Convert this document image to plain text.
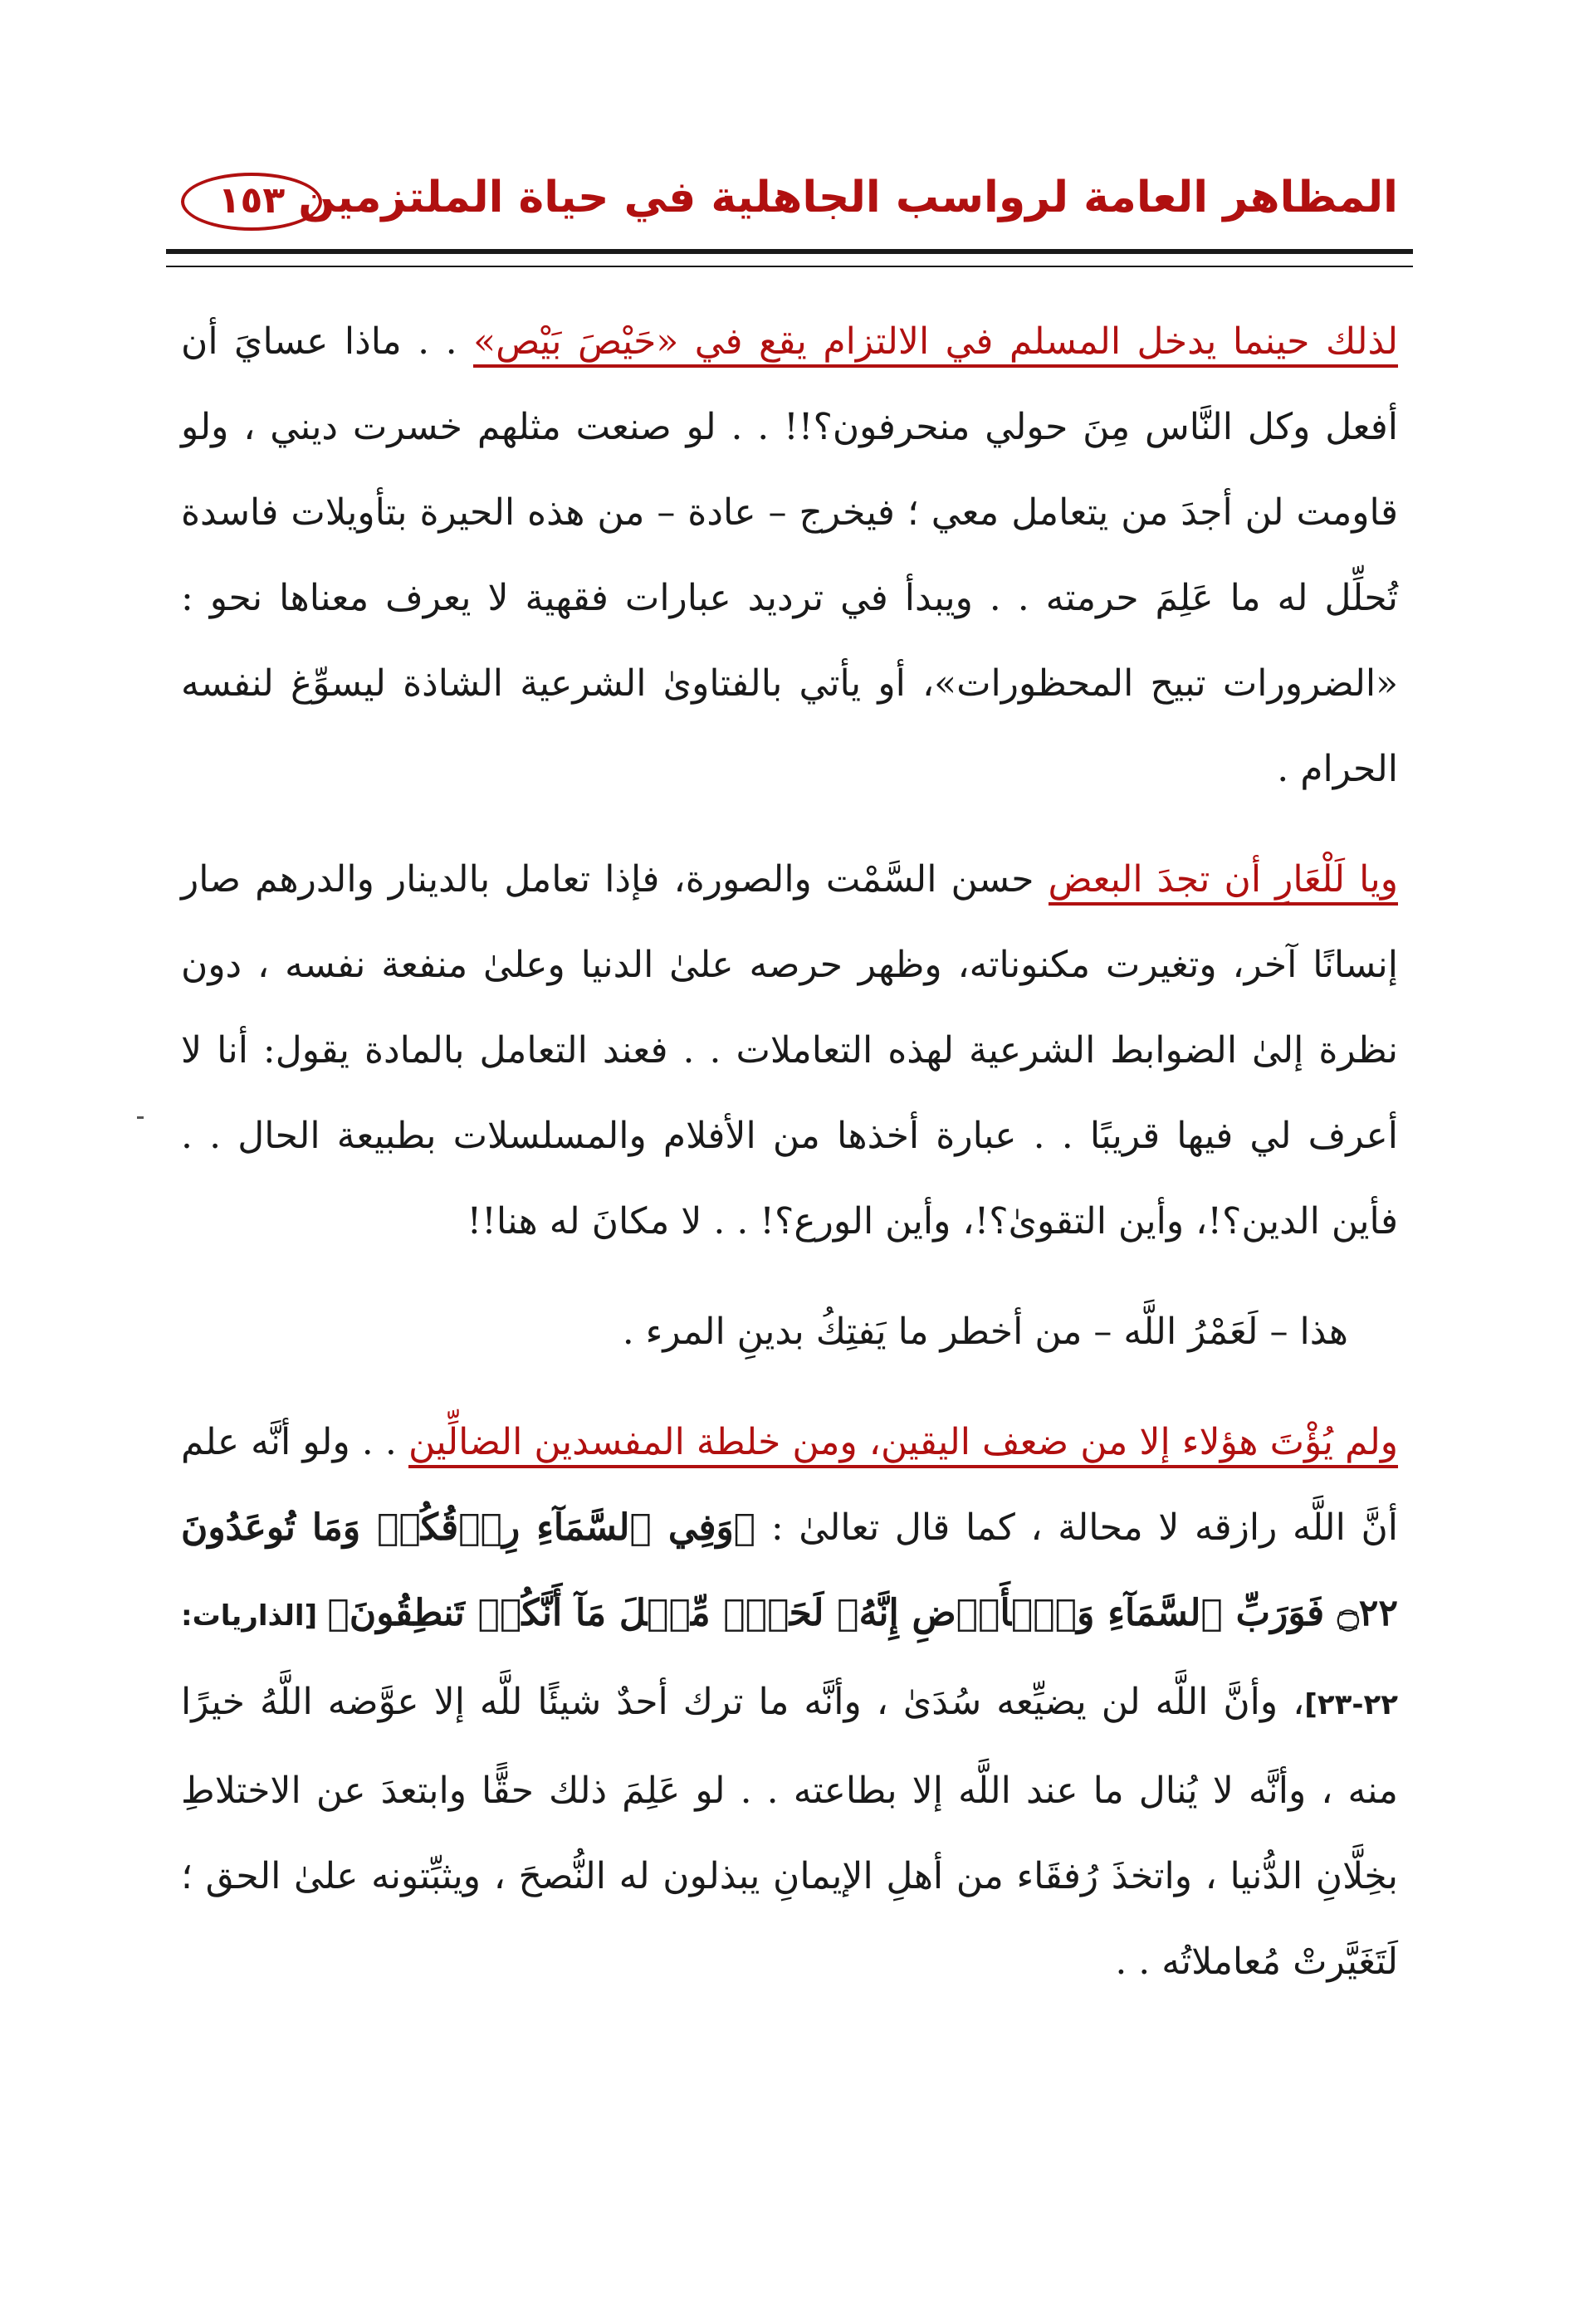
المظاهر العامة لرواسب الجاهلية في حياة الملتزمين
١٥٣

لذلك حينما يدخل المسلم في الالتزام يقع في «حَيْصَ بَيْص» . . ماذا عسايَ أن أفعل وكل النَّاس مِنَ حولي منحرفون؟!! . . لو صنعت مثلهم خسرت ديني ، ولو قاومت لن أجدَ من يتعامل معي ؛ فيخرج – عادة – من هذه الحيرة بتأويلات فاسدة تُحلِّل له ما عَلِمَ حرمته . . ويبدأ في ترديد عبارات فقهية لا يعرف معناها نحو : «الضرورات تبيح المحظورات»، أو يأتي بالفتاوىٰ الشرعية الشاذة ليسوِّغ لنفسه الحرام .

ويا لَلْعَارِ أن تجدَ البعض حسن السَّمْت والصورة، فإذا تعامل بالدينار والدرهم صار إنسانًا آخر، وتغيرت مكنوناته، وظهر حرصه علىٰ الدنيا وعلىٰ منفعة نفسه ، دون نظرة إلىٰ الضوابط الشرعية لهذه التعاملات . . فعند التعامل بالمادة يقول: أنا لا أعرف لي فيها قريبًا . . عبارة أخذها من الأفلام والمسلسلات بطبيعة الحال . . فأين الدين؟!، وأين التقوىٰ؟!، وأين الورع؟! . . لا مكانَ له هنا!!

هذا – لَعَمْرُ اللَّه – من أخطر ما يَفتِكُ بدينِ المرء .

ولم يُؤْتَ هؤلاء إلا من ضعف اليقين، ومن خلطة المفسدين الضالِّين . . ولو أنَّه علم أنَّ اللَّه رازقه لا محالة ، كما قال تعالىٰ : ﴿وَفِي ٱلسَّمَآءِ رِزۡقُكُمۡ وَمَا تُوعَدُونَ ۝٢٢ فَوَرَبِّ ٱلسَّمَآءِ وَٱلۡأَرۡضِ إِنَّهُۥ لَحَقّٞ مِّثۡلَ مَآ أَنَّكُمۡ تَنطِقُونَ﴾ [الذاريات: ٢٢-٢٣]، وأنَّ اللَّه لن يضيِّعه سُدَىٰ ، وأنَّه ما ترك أحدٌ شيئًا للَّه إلا عوَّضه اللَّهُ خيرًا منه ، وأنَّه لا يُنال ما عند اللَّه إلا بطاعته . . لو عَلِمَ ذلك حقًّا وابتعدَ عن الاختلاطِ بخِلَّانِ الدُّنيا ، واتخذَ رُفقَاء من أهلِ الإيمانِ يبذلون له النُّصحَ ، ويثبِّتونه علىٰ الحق ؛ لَتَغَيَّرتْ مُعاملاتُه . .
